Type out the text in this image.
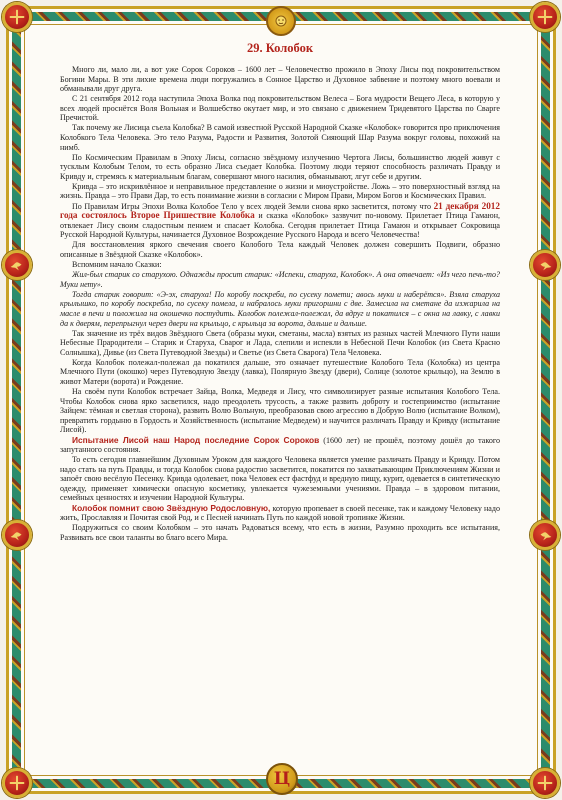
Ц
29. Колобок

Много ли, мало ли, а вот уже Сорок Сороков – 1600 лет – Человечество прожило в Эпоху Лисы под покровительством Богини Мары. В эти лихие времена люди погружались в Сонное Царство и Духовное забвение и поэтому много воевали и обманывали друг друга.

С 21 сентября 2012 года наступила Эпоха Волка под покровительством Велеса – Бога мудрости Вещего Леса, в которую у всех людей проснётся Воля Вольная и Волшебство окутает мир, и это связано с движением Тридевятого Царства по Сварге Пречистой.

Так почему же Лисица съела Колобка? В самой известной Русской Народной Сказке «Колобок» говорится про приключения Колобкого Тела Человека. Это тело Разума, Радости и Развития, Золотой Сияющий Шар Разума вокруг головы, похожий на нимб.

По Космическим Правилам в Эпоху Лисы, согласно звёздному излучению Чертога Лисы, большинство людей живут с тусклым Колобым Телом, то есть образно Лиса съедает Колобка. Поэтому люди теряют способность различать Правду и Кривду и, стремясь к материальным благам, совершают много насилия, обманывают, лгут себе и другим.

Кривда – это искривлённое и неправильное представление о жизни и миоустройстве. Ложь – это поверхностный взгляд на жизнь. Правда – это Прави Дар, то есть понимание жизни в согласии с Миром Прави, Миром Богов и Космических Правил.

По Правилам Игры Эпохи Волка Колобое Тело у всех людей Земли снова ярко засветится, потому что 21 декабря 2012 года состоялось Второе Пришествие Колобка и сказка «Колобок» зазвучит по-новому. Прилетает Птица Гамаюн, отвлекает Лису своим сладостным пением и спасает Колобка. Сегодня прилетает Птица Гамаюн и открывает Сокровища Русской Народной Культуры, начинается Духовное Возрождение Русского Народа и всего Человечества!

Для восстановления яркого свечения своего Колобого Тела каждый Человек должен совершить Подвиги, образно описанные в Звёздной Сказке «Колобок».

Вспомним начало Сказки:

Жил-был старик со старухою. Однажды просит старик: «Испеки, старуха, Колобок». А она отвечает: «Из чего печь-то? Муки нету».

Тогда старик говорит: «Э-эх, старуха! По коробу поскреби, по сусеку помети; авось муки и наберётся». Взяла старуха крылышко, по коробу поскребла, по сусеку помела, и набралось муки пригоршни с две. Замесила на сметане да изжарила на масле в печи и положила на окошечко постудить. Колобок полежал-полежал, да вдруг и покатился – с окна на лавку, с лавки да к дверям, перепрыгнул через двери на крыльцо, с крыльца за ворота, дальше и дальше.

Так значение из трёх видов Звёздного Света (образы муки, сметаны, масла) взятых из разных частей Млечного Пути наши Небесные Прародители – Старик и Старуха, Сварог и Лада, слепили и испекли в Небесной Печи Колобок (из Света Красно Солнышка), Дивье (из Света Путеводной Звезды) и Светье (из Света Сварога) Тела Человека.

Когда Колобок полежал-полежал да покатился дальше, это означает путешествие Колобого Тела (Колобка) из центра Млечного Пути (окошко) через Путеводную Звезду (лавка), Полярную Звезду (двери), Солнце (золотое крыльцо), на Землю в живот Матери (ворота) и Рождение.

На своём пути Колобок встречает Зайца, Волка, Медведя и Лису, что символизирует разные испытания Колобого Тела. Чтобы Колобок снова ярко засветился, надо преодолеть трусость, а также развить доброту и гостеприимство (испытание Зайцем: тёмная и светлая сторона), развить Волю Вольную, преобразовав свою агрессию в Добрую Волю (испытание Волком), превратить гордыню в Гордость и Хозяйственность (испытание Медведем) и научится различать Правду и Кривду (испытание Лисой).

Испытание Лисой наш Народ последние Сорок Сороков (1600 лет) не прошёл, поэтому дошёл до такого запутанного состояния.

То есть сегодня главнейшим Духовным Уроком для каждого Человека является умение различать Правду и Кривду. Потом надо стать на путь Правды, и тогда Колобок снова радостно засветится, покатится по захватывающим Приключениям Жизни и запоёт свою весёлую Песенку. Кривда одолевает, пока Человек ест фастфуд и вредную пищу, курит, одевается в синтетическую одежду, применяет химически опасную косметику, увлекается чужеземными учениями. Правда – в здоровом питании, семейных ценностях и изучении Народной Культуры.

Колобок помнит свою Звёздную Родословную, которую пропевает в своей песенке, так и каждому Человеку надо жить, Прославляя и Почитая свой Род, и с Песней начинать Путь по каждой новой тропинке Жизни.

Подружиться со своим Колобком – это начать Радоваться всему, что есть в жизни, Разумно проходить все испытания, Развивать все свои таланты во благо всего Мира.
